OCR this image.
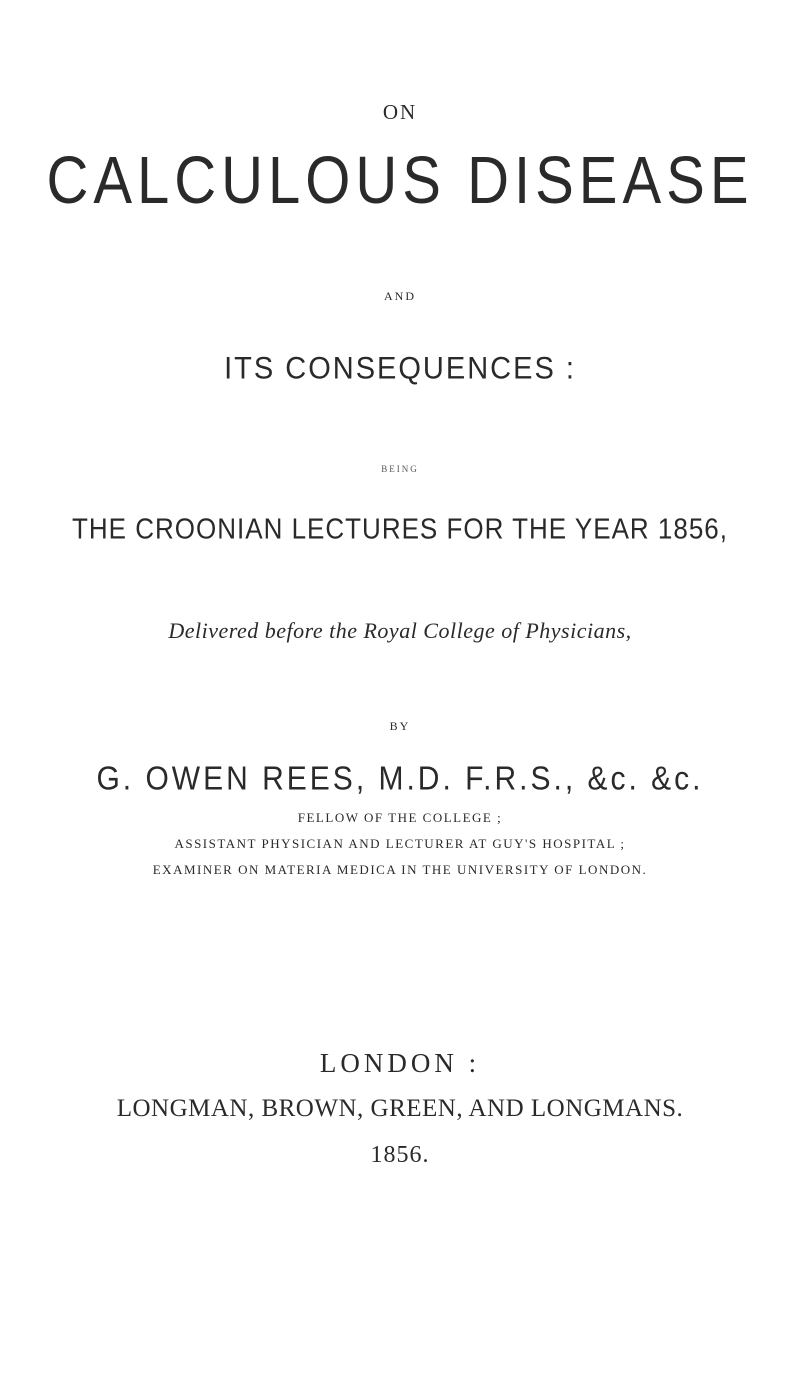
ON
CALCULOUS DISEASE
AND
ITS CONSEQUENCES :
BEING
THE CROONIAN LECTURES FOR THE YEAR 1856,
Delivered before the Royal College of Physicians,
BY
G. OWEN REES, M.D. F.R.S., &c. &c.
FELLOW OF THE COLLEGE ;
ASSISTANT PHYSICIAN AND LECTURER AT GUY'S HOSPITAL ;
EXAMINER ON MATERIA MEDICA IN THE UNIVERSITY OF LONDON.
LONDON :
LONGMAN, BROWN, GREEN, AND LONGMANS.
1856.
